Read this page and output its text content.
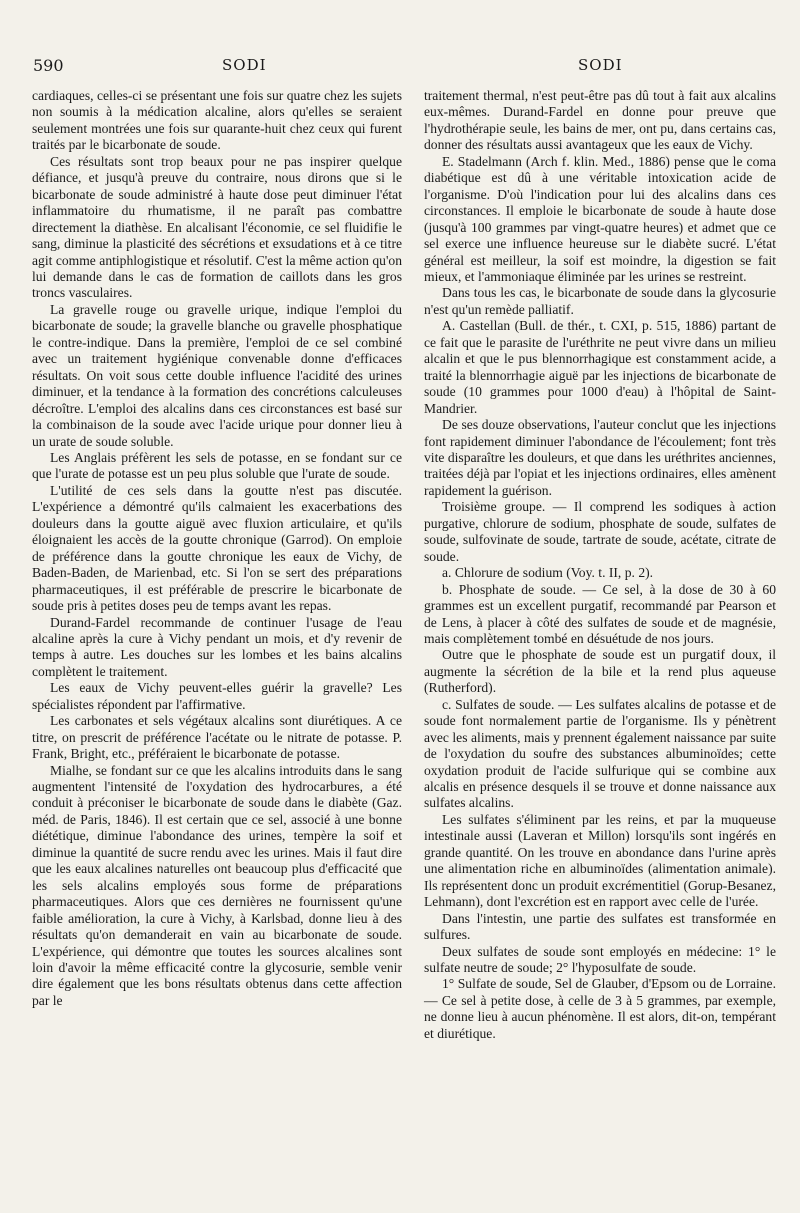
590	SODI	SODI

cardiaques, celles-ci se présentant une fois sur quatre chez les sujets non soumis à la médication alcaline, alors qu'elles se seraient seulement montrées une fois sur quarante-huit chez ceux qui furent traités par le bicarbonate de soude.

Ces résultats sont trop beaux pour ne pas inspirer quelque défiance, et jusqu'à preuve du contraire, nous dirons que si le bicarbonate de soude administré à haute dose peut diminuer l'état inflammatoire du rhumatisme, il ne paraît pas combattre directement la diathèse. En alcalisant l'économie, ce sel fluidifie le sang, diminue la plasticité des sécrétions et exsudations et à ce titre agit comme antiphlogistique et résolutif. C'est la même action qu'on lui demande dans le cas de formation de caillots dans les gros troncs vasculaires.

La gravelle rouge ou gravelle urique, indique l'emploi du bicarbonate de soude; la gravelle blanche ou gravelle phosphatique le contre-indique. Dans la première, l'emploi de ce sel combiné avec un traitement hygiénique convenable donne d'efficaces résultats. On voit sous cette double influence l'acidité des urines diminuer, et la tendance à la formation des concrétions calculeuses décroître. L'emploi des alcalins dans ces circonstances est basé sur la combinaison de la soude avec l'acide urique pour donner lieu à un urate de soude soluble.

Les Anglais préfèrent les sels de potasse, en se fondant sur ce que l'urate de potasse est un peu plus soluble que l'urate de soude.

L'utilité de ces sels dans la goutte n'est pas discutée. L'expérience a démontré qu'ils calmaient les exacerbations des douleurs dans la goutte aiguë avec fluxion articulaire, et qu'ils éloignaient les accès de la goutte chronique (Garrod). On emploie de préférence dans la goutte chronique les eaux de Vichy, de Baden-Baden, de Marienbad, etc. Si l'on se sert des préparations pharmaceutiques, il est préférable de prescrire le bicarbonate de soude pris à petites doses peu de temps avant les repas.

Durand-Fardel recommande de continuer l'usage de l'eau alcaline après la cure à Vichy pendant un mois, et d'y revenir de temps à autre. Les douches sur les lombes et les bains alcalins complètent le traitement.

Les eaux de Vichy peuvent-elles guérir la gravelle? Les spécialistes répondent par l'affirmative.

Les carbonates et sels végétaux alcalins sont diurétiques. A ce titre, on prescrit de préférence l'acétate ou le nitrate de potasse. P. Frank, Bright, etc., préféraient le bicarbonate de potasse.

Mialhe, se fondant sur ce que les alcalins introduits dans le sang augmentent l'intensité de l'oxydation des hydrocarbures, a été conduit à préconiser le bicarbonate de soude dans le diabète (Gaz. méd. de Paris, 1846). Il est certain que ce sel, associé à une bonne diététique, diminue l'abondance des urines, tempère la soif et diminue la quantité de sucre rendu avec les urines. Mais il faut dire que les eaux alcalines naturelles ont beaucoup plus d'efficacité que les sels alcalins employés sous forme de préparations pharmaceutiques. Alors que ces dernières ne fournissent qu'une faible amélioration, la cure à Vichy, à Karlsbad, donne lieu à des résultats qu'on demanderait en vain au bicarbonate de soude. L'expérience, qui démontre que toutes les sources alcalines sont loin d'avoir la même efficacité contre la glycosurie, semble venir dire également que les bons résultats obtenus dans cette affection par le

traitement thermal, n'est peut-être pas dû tout à fait aux alcalins eux-mêmes. Durand-Fardel en donne pour preuve que l'hydrothérapie seule, les bains de mer, ont pu, dans certains cas, donner des résultats aussi avantageux que les eaux de Vichy.

E. Stadelmann (Arch f. klin. Med., 1886) pense que le coma diabétique est dû à une véritable intoxication acide de l'organisme. D'où l'indication pour lui des alcalins dans ces circonstances. Il emploie le bicarbonate de soude à haute dose (jusqu'à 100 grammes par vingt-quatre heures) et admet que ce sel exerce une influence heureuse sur le diabète sucré. L'état général est meilleur, la soif est moindre, la digestion se fait mieux, et l'ammoniaque éliminée par les urines se restreint.

Dans tous les cas, le bicarbonate de soude dans la glycosurie n'est qu'un remède palliatif.

A. Castellan (Bull. de thér., t. CXI, p. 515, 1886) partant de ce fait que le parasite de l'uréthrite ne peut vivre dans un milieu alcalin et que le pus blennorrhagique est constamment acide, a traité la blennorrhagie aiguë par les injections de bicarbonate de soude (10 grammes pour 1000 d'eau) à l'hôpital de Saint-Mandrier.

De ses douze observations, l'auteur conclut que les injections font rapidement diminuer l'abondance de l'écoulement; font très vite disparaître les douleurs, et que dans les uréthrites anciennes, traitées déjà par l'opiat et les injections ordinaires, elles amènent rapidement la guérison.

Troisième groupe. — Il comprend les sodiques à action purgative, chlorure de sodium, phosphate de soude, sulfates de soude, sulfovinate de soude, tartrate de soude, acétate, citrate de soude.

a. Chlorure de sodium (Voy. t. II, p. 2).

b. Phosphate de soude. — Ce sel, à la dose de 30 à 60 grammes est un excellent purgatif, recommandé par Pearson et de Lens, à placer à côté des sulfates de soude et de magnésie, mais complètement tombé en désuétude de nos jours.

Outre que le phosphate de soude est un purgatif doux, il augmente la sécrétion de la bile et la rend plus aqueuse (Rutherford).

c. Sulfates de soude. — Les sulfates alcalins de potasse et de soude font normalement partie de l'organisme. Ils y pénètrent avec les aliments, mais y prennent également naissance par suite de l'oxydation du soufre des substances albuminoïdes; cette oxydation produit de l'acide sulfurique qui se combine aux alcalis en présence desquels il se trouve et donne naissance aux sulfates alcalins.

Les sulfates s'éliminent par les reins, et par la muqueuse intestinale aussi (Laveran et Millon) lorsqu'ils sont ingérés en grande quantité. On les trouve en abondance dans l'urine après une alimentation riche en albuminoïdes (alimentation animale). Ils représentent donc un produit excrémentitiel (Gorup-Besanez, Lehmann), dont l'excrétion est en rapport avec celle de l'urée.

Dans l'intestin, une partie des sulfates est transformée en sulfures.

Deux sulfates de soude sont employés en médecine: 1° le sulfate neutre de soude; 2° l'hyposulfate de soude.

1° Sulfate de soude, Sel de Glauber, d'Epsom ou de Lorraine. — Ce sel à petite dose, à celle de 3 à 5 grammes, par exemple, ne donne lieu à aucun phénomène. Il est alors, dit-on, tempérant et diurétique.
